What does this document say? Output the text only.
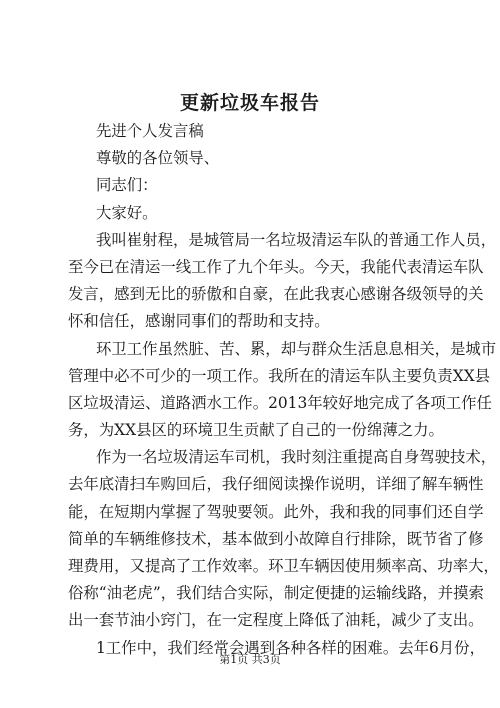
更新垃圾车报告
先进个人发言稿
尊敬的各位领导、
同志们：
大家好。
我叫崔射程，是城管局一名垃圾清运车队的普通工作人员，
至今已在清运一线工作了九个年头。今天，我能代表清运车队
发言，感到无比的骄傲和自豪，在此我衷心感谢各级领导的关
怀和信任，感谢同事们的帮助和支持。
环卫工作虽然脏、苦、累，却与群众生活息息相关，是城市
管理中必不可少的一项工作。我所在的清运车队主要负责XX县
区垃圾清运、道路洒水工作。2013年较好地完成了各项工作任
务，为XX县区的环境卫生贡献了自己的一份绵薄之力。
作为一名垃圾清运车司机，我时刻注重提高自身驾驶技术，
去年底清扫车购回后，我仔细阅读操作说明，详细了解车辆性
能，在短期内掌握了驾驶要领。此外，我和我的同事们还自学
简单的车辆维修技术，基本做到小故障自行排除，既节省了修
理费用，又提高了工作效率。环卫车辆因使用频率高、功率大，
俗称“油老虎”，我们结合实际，制定便捷的运输线路，并摸索
出一套节油小窍门，在一定程度上降低了油耗，减少了支出。
1工作中，我们经常会遇到各种各样的困难。去年6月份，
第1页 共3页
